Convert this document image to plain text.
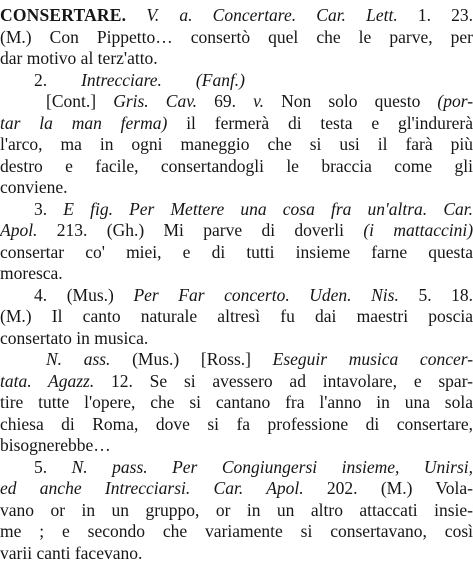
CONSERTARE. V. a. Concertare. Car. Lett. 1. 23.
(M.) Con Pippetto… consertò quel che le parve, per
dar motivo al terz'atto.
2. Intrecciare. (Fanf.)
[Cont.] Gris. Cav. 69. v. Non solo questo (por-
tar la man ferma) il fermerà di testa e gl'indurerà
l'arco, ma in ogni maneggio che si usi il farà più
destro e facile, consertandogli le braccia come gli
conviene.
3. E fig. Per Mettere una cosa fra un'altra. Car.
Apol. 213. (Gh.) Mi parve di doverli (i mattaccini)
consertar co' miei, e di tutti insieme farne questa
moresca.
4. (Mus.) Per Far concerto. Uden. Nis. 5. 18.
(M.) Il canto naturale altresì fu dai maestri poscia
consertato in musica.
N. ass. (Mus.) [Ross.] Eseguir musica concer-
tata. Agazz. 12. Se si avessero ad intavolare, e spar-
tire tutte l'opere, che si cantano fra l'anno in una sola
chiesa di Roma, dove si fa professione di consertare,
bisognerebbe…
5. N. pass. Per Congiungersi insieme, Unirsi,
ed anche Intrecciarsi. Car. Apol. 202. (M.) Vola-
vano or in un gruppo, or in un altro attaccati insie-
me ; e secondo che variamente si consertavano, così
varii canti facevano.
